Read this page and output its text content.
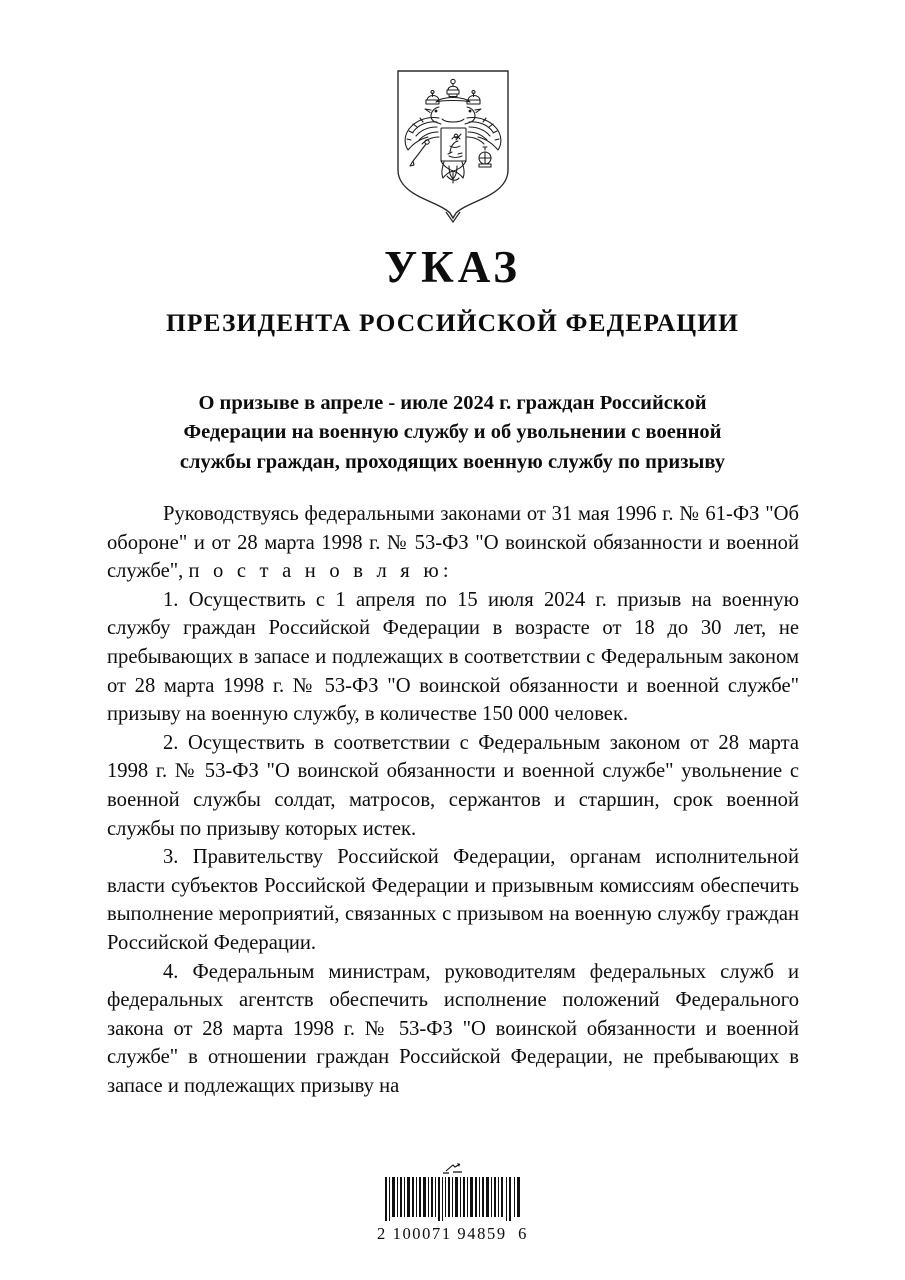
УКАЗ
ПРЕЗИДЕНТА РОССИЙСКОЙ ФЕДЕРАЦИИ
О призыве в апреле - июле 2024 г. граждан Российской
Федерации на военную службу и об увольнении с военной
службы граждан, проходящих военную службу по призыву

Руководствуясь федеральными законами от 31 мая 1996 г. № 61-ФЗ "Об обороне" и от 28 марта 1998 г. № 53-ФЗ "О воинской обязанности и военной службе", п о с т а н о в л я ю:

1. Осуществить с 1 апреля по 15 июля 2024 г. призыв на военную службу граждан Российской Федерации в возрасте от 18 до 30 лет, не пребывающих в запасе и подлежащих в соответствии с Федеральным законом от 28 марта 1998 г. № 53-ФЗ "О воинской обязанности и военной службе" призыву на военную службу, в количестве 150 000 человек.

2. Осуществить в соответствии с Федеральным законом от 28 марта 1998 г. № 53-ФЗ "О воинской обязанности и военной службе" увольнение с военной службы солдат, матросов, сержантов и старшин, срок военной службы по призыву которых истек.

3. Правительству Российской Федерации, органам исполнительной власти субъектов Российской Федерации и призывным комиссиям обеспечить выполнение мероприятий, связанных с призывом на военную службу граждан Российской Федерации.

4. Федеральным министрам, руководителям федеральных служб и федеральных агентств обеспечить исполнение положений Федерального закона от 28 марта 1998 г. № 53-ФЗ "О воинской обязанности и военной службе" в отношении граждан Российской Федерации, не пребывающих в запасе и подлежащих призыву на

2 100071 94859  6
